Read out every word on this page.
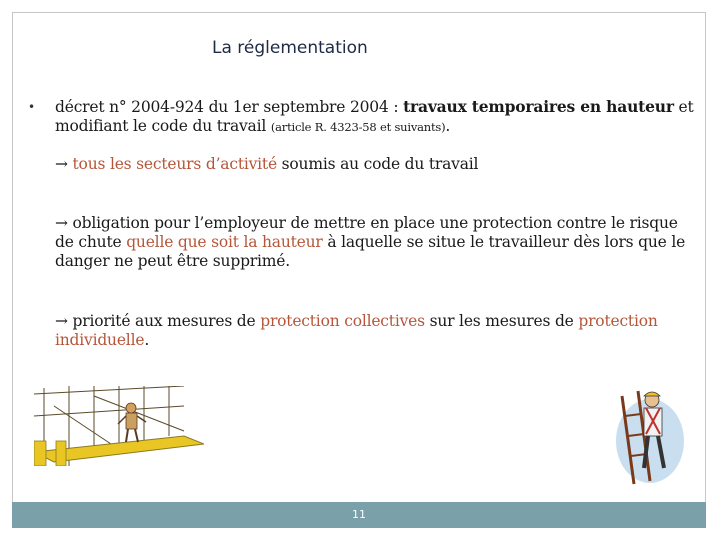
La réglementation
• décret n° 2004-924 du 1er septembre 2004 : travaux temporaires en hauteur et modifiant le code du travail (article R. 4323-58 et suivants).
→ tous les secteurs d’activité soumis au code du travail
→ obligation pour l’employeur de mettre en place une protection contre le risque de chute quelle que soit la hauteur à laquelle se situe le travailleur dès lors que le danger ne peut être supprimé.
→ priorité aux mesures de protection collectives sur les mesures de protection individuelle.
11
